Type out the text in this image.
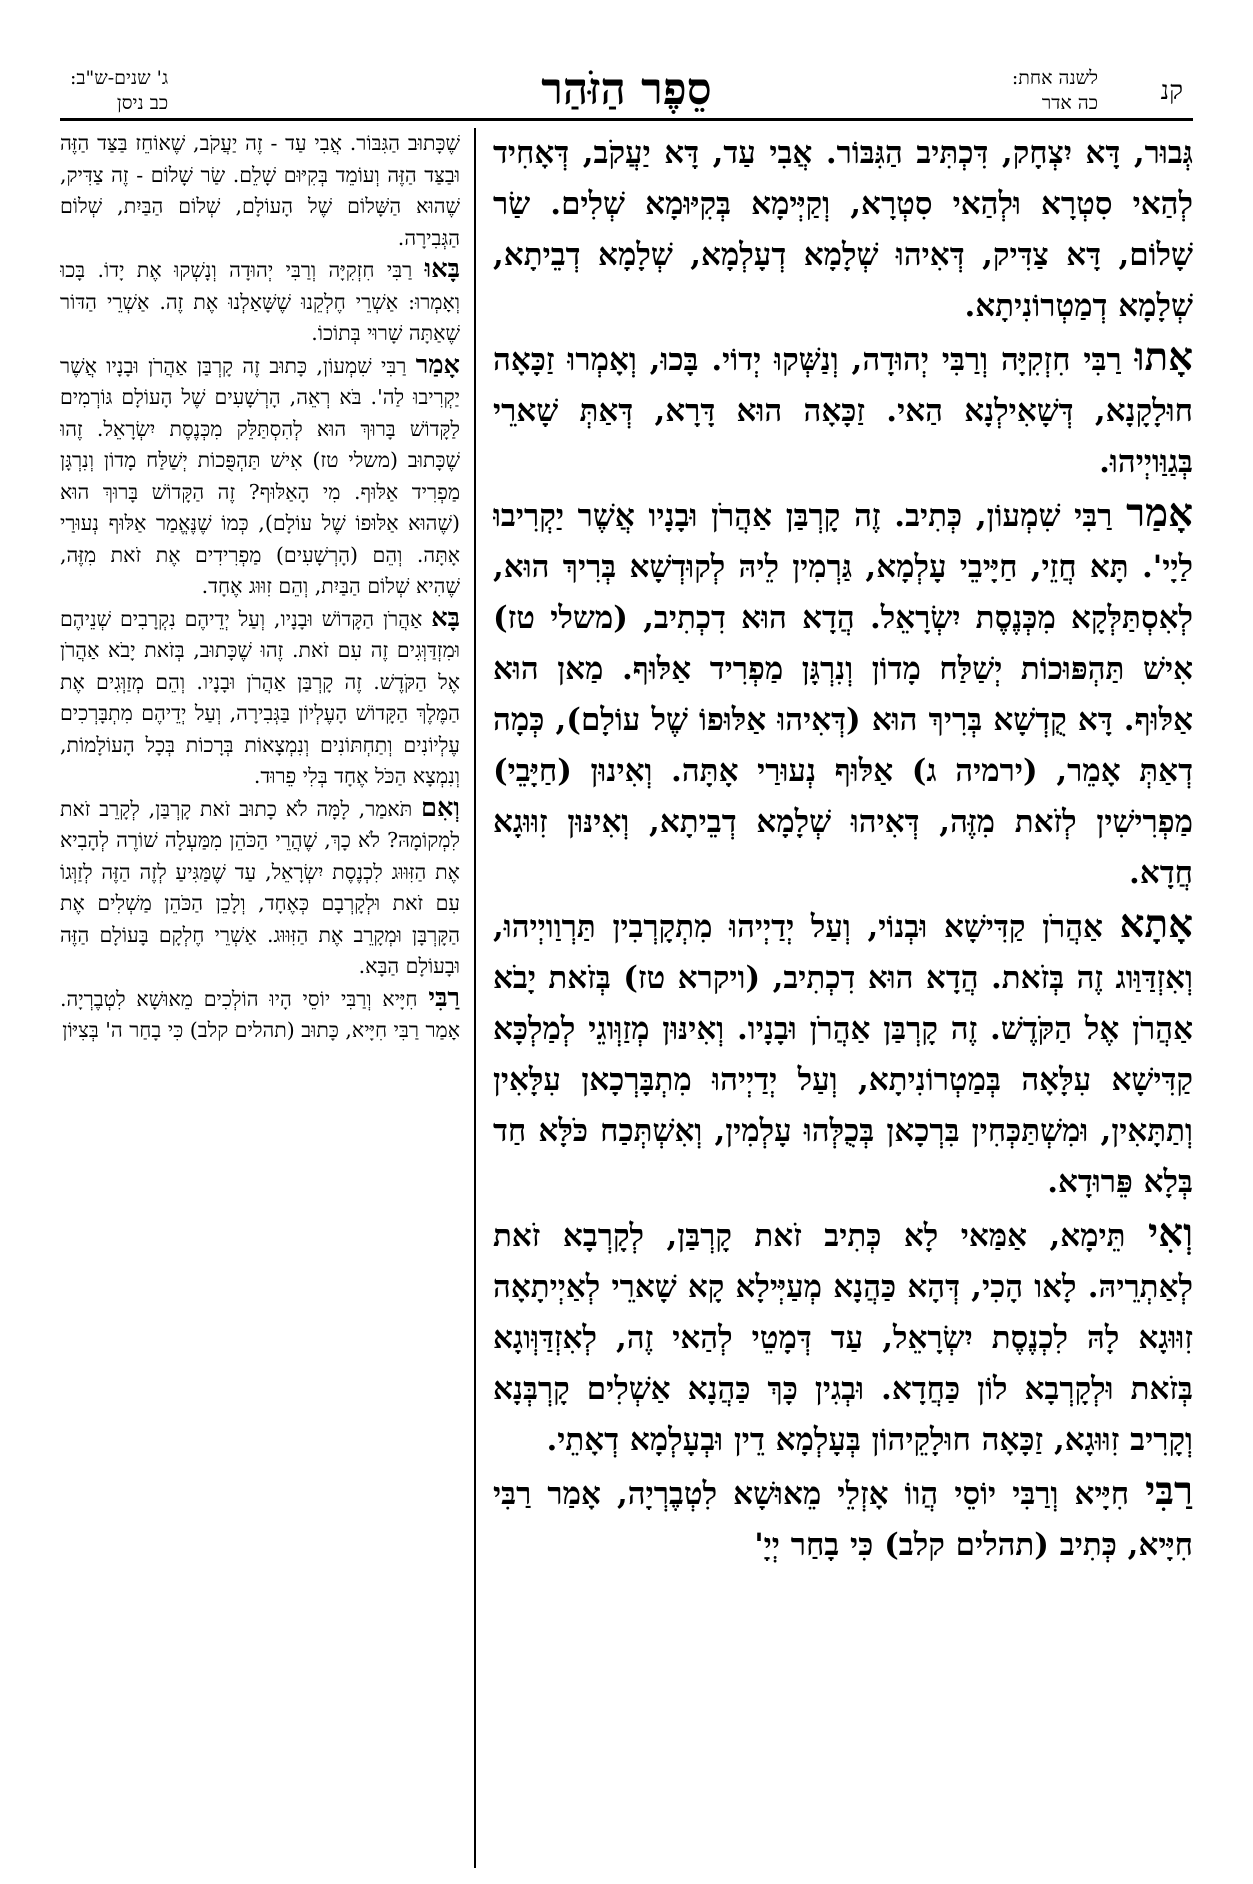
סֵפֶר הַזֹּהַר	קנ
לשנה אחת:
כה אדר
ג' שנים-ש"ב:
כב ניסן

גְּבוּר, דָּא יִצְחָק, דִּכְתִּיב הַגִּבּוֹר. אֲבִי עַד, דָּא יַעֲקֹב, דְּאָחִיד לְהַאי סִטְרָא וּלְהַאי סִטְרָא, וְקַיְּימָא בְּקִיּוּמָא שְׁלִים. שַׂר שָׁלוֹם, דָּא צַדִּיק, דְּאִיהוּ שְׁלָמָא דְעָלְמָא, שְׁלָמָא דְבֵיתָא, שְׁלָמָא דְמַטְרוֹנִיתָא.

אָתוּ רַבִּי חִזְקִיָּה וְרַבִּי יְהוּדָה, וְנַשְּׁקוּ יְדוֹי. בָּכוּ, וְאָמְרוּ זַכָּאָה חוּלָקָנָא, דְּשָׁאִילְנָא הַאי. זַכָּאָה הוּא דָּרָא, דְּאַתְּ שָׁארֵי בְּגַוַּויְיהוּ.

אָמַר רַבִּי שִׁמְעוֹן, כְּתִיב. זֶה קָרְבַּן אַהֲרֹן וּבָנָיו אֲשֶׁר יַקְרִיבוּ לַיָי'. תָּא חֲזֵי, חַיָּיבֵי עָלְמָא, גַּרְמִין לֵיהּ לְקוּדְשָׁא בְּרִיךְ הוּא, לְאִסְתַּלְּקָא מִכְּנֶסֶת יִשְׂרָאֵל. הֲדָא הוּא דִכְתִיב, (משלי טז) אִישׁ תַּהְפּוּכוֹת יְשַׁלַּח מָדוֹן וְנִרְגָּן מַפְרִיד אַלּוּף. מַאן הוּא אַלּוּף. דָּא קֻדְשָׁא בְּרִיךְ הוּא (דְּאִיהוּ אַלּוּפוֹ שֶׁל עוֹלָם), כְּמָה דְאַתְּ אָמֵר, (ירמיה ג) אַלּוּף נְעוּרַי אָתָּה. וְאִינוּן (חַיָּבֵי) מַפְרִישִׁין לְזֹאת מִזֶּה, דְּאִיהוּ שְׁלָמָא דְבֵיתָא, וְאִינּוּן זִוּוּגָא חֲדָא.

אָתָא אַהֲרֹן קַדִּישָׁא וּבְנוֹי, וְעַל יְדַיְיהוּ מִתְקָרְבִין תַּרְוַויְיהוּ, וְאִזְדַּוַּוג זֶה בְּזֹאת. הֲדָא הוּא דִכְתִיב, (ויקרא טז) בְּזֹאת יָבֹא אַהֲרֹן אֶל הַקֹּדֶשׁ. זֶה קָרְבַּן אַהֲרֹן וּבָנָיו. וְאִינּוּן מְזַוְּוגֵי לְמַלְכָּא קַדִּישָׁא עִלָּאָה בְּמַטְרוֹנִיתָא, וְעַל יְדַיְיהוּ מִתְבָּרְכָאן עִלָּאִין וְתַתָּאִין, וּמִשְׁתַּכְּחִין בִּרְכָאן בְּכֻלְּהוּ עָלְמִין, וְאִשְׁתְּכַח כֹּלָּא חַד בְּלָא פֵּרוּדָא.

וְאִי תֵּימָא, אַמַּאי לָא כְּתִיב זֹאת קָרְבַּן, לְקָרְבָא זֹאת לְאַתְרֵיהּ. לָאו הָכִי, דְּהָא כַּהֲנָא מְעַיְּילָא קָא שָׁארֵי לְאַיְיתָאָה זִוּוּגָא לָהּ לִכְנֶסֶת יִשְׂרָאֵל, עַד דְּמָטֵי לְהַאי זֶה, לְאִזְדַּוְּוגָא בְּזֹאת וּלְקָרְבָא לוֹן כַּחֲדָא. וּבְגִין כָּךְ כַּהֲנָא אַשְׁלִים קָרְבְּנָא וְקָרִיב זִוּוּגָא, זַכָּאָה חוּלָקֵיהוֹן בְּעָלְמָא דֵין וּבְעָלְמָא דְאָתֵי.

רַבִּי חִיָּיא וְרַבִּי יוֹסֵי הֲווֹ אָזְלֵי מֵאוּשָׁא לִטְבֶרְיָה, אָמַר רַבִּי חִיָּיא, כְּתִיב (תהלים קלב) כִּי בָחַר יְיָ'

שֶׁכָּתוּב הַגִּבּוֹר. אֲבִי עַד - זֶה יַעֲקֹב, שֶׁאוֹחֵז בַּצַּד הַזֶּה וּבַצַּד הַזֶּה וְעוֹמֵד בְּקִיּוּם שָׁלֵם. שַׂר שָׁלוֹם - זֶה צַדִּיק, שֶׁהוּא הַשָּׁלוֹם שֶׁל הָעוֹלָם, שְׁלוֹם הַבַּיִת, שְׁלוֹם הַגְּבִירָה.

בָּאוּ רַבִּי חִזְקִיָּה וְרַבִּי יְהוּדָה וְנָשְׁקוּ אֶת יָדוֹ. בָּכוּ וְאָמְרוּ: אַשְׁרֵי חֶלְקֵנוּ שֶׁשָּׁאַלְנוּ אֶת זֶה. אַשְׁרֵי הַדּוֹר שֶׁאַתָּה שָׁרוּי בְּתוֹכוֹ.

אָמַר רַבִּי שִׁמְעוֹן, כָּתוּב זֶה קָרְבַּן אַהֲרֹן וּבָנָיו אֲשֶׁר יַקְרִיבוּ לַה'. בֹּא רְאֵה, הָרְשָׁעִים שֶׁל הָעוֹלָם גּוֹרְמִים לַקָּדוֹשׁ בָּרוּךְ הוּא לְהִסְתַּלֵּק מִכְּנֶסֶת יִשְׂרָאֵל. זֶהוּ שֶׁכָּתוּב (משלי טז) אִישׁ תַּהְפֻּכוֹת יְשַׁלַּח מָדוֹן וְנִרְגָּן מַפְרִיד אַלּוּף. מִי הָאַלּוּף? זֶה הַקָּדוֹשׁ בָּרוּךְ הוּא (שֶׁהוּא אַלּוּפוֹ שֶׁל עוֹלָם), כְּמוֹ שֶׁנֶּאֱמַר אַלּוּף נְעוּרַי אָתָּה. וְהֵם (הָרְשָׁעִים) מַפְרִידִים אֶת זֹאת מִזֶּה, שֶׁהִיא שְׁלוֹם הַבַּיִת, וְהֵם זִוּוּג אֶחָד.

בָּא אַהֲרֹן הַקָּדוֹשׁ וּבָנָיו, וְעַל יְדֵיהֶם נִקְרָבִים שְׁנֵיהֶם וּמִזְדַּוְּגִים זֶה עִם זֹאת. זֶהוּ שֶׁכָּתוּב, בְּזֹאת יָבֹא אַהֲרֹן אֶל הַקֹּדֶשׁ. זֶה קָרְבַּן אַהֲרֹן וּבָנָיו. וְהֵם מְזַוְּגִים אֶת הַמֶּלֶךְ הַקָּדוֹשׁ הָעֶלְיוֹן בַּגְּבִירָה, וְעַל יְדֵיהֶם מִתְבָּרְכִים עֶלְיוֹנִים וְתַחְתּוֹנִים וְנִמְצָאוֹת בְּרָכוֹת בְּכָל הָעוֹלָמוֹת, וְנִמְצָא הַכֹּל אֶחָד בְּלִי פֵרוּד.

וְאִם תֹּאמַר, לָמָּה לֹא כָתוּב זֹאת קָרְבַּן, לְקָרֵב זֹאת לִמְקוֹמָהּ? לֹא כָךְ, שֶׁהֲרֵי הַכֹּהֵן מִמַּעְלָה שׁוֹרֶה לְהָבִיא אֶת הַזִּוּוּג לִכְנֶסֶת יִשְׂרָאֵל, עַד שֶׁמַּגִּיעַ לְזֶה הַזֶּה לְזַוְּגוֹ עִם זֹאת וּלְקָרְבָם כְּאֶחָד, וְלָכֵן הַכֹּהֵן מַשְׁלִים אֶת הַקָּרְבָּן וּמְקָרֵב אֶת הַזִּוּוּג. אַשְׁרֵי חֶלְקָם בָּעוֹלָם הַזֶּה וּבָעוֹלָם הַבָּא.

רַבִּי חִיָּיא וְרַבִּי יוֹסֵי הָיוּ הוֹלְכִים מֵאוּשָׁא לִטְבֶרְיָה. אָמַר רַבִּי חִיָּיא, כָּתוּב (תהלים קלב) כִּי בָחַר ה' בְּצִיּוֹן
